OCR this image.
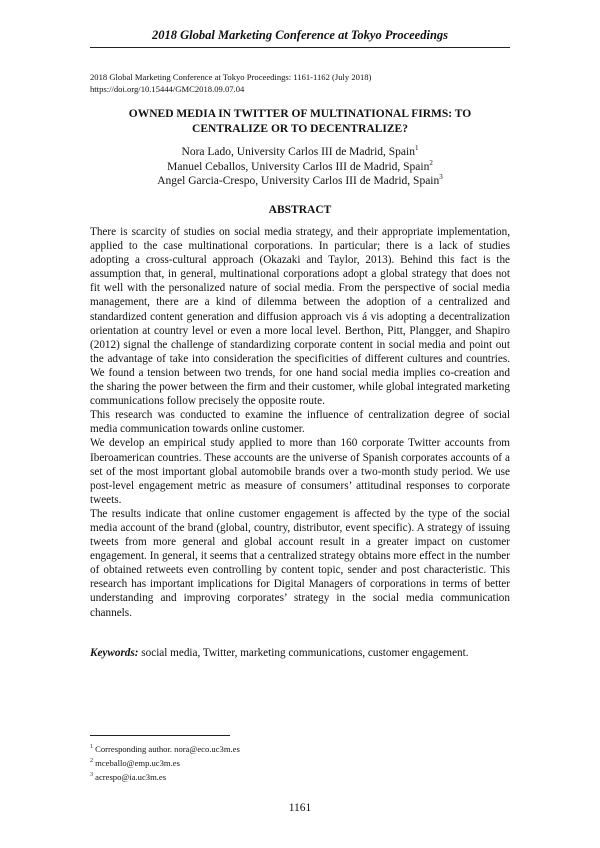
2018 Global Marketing Conference at Tokyo Proceedings
2018 Global Marketing Conference at Tokyo Proceedings: 1161-1162 (July 2018)
https://doi.org/10.15444/GMC2018.09.07.04
OWNED MEDIA IN TWITTER OF MULTINATIONAL FIRMS: TO
CENTRALIZE OR TO DECENTRALIZE?
Nora Lado, University Carlos III de Madrid, Spain$^1$
Manuel Ceballos, University Carlos III de Madrid, Spain$^2$
Angel Garcia-Crespo, University Carlos III de Madrid, Spain$^3$
ABSTRACT

There is scarcity of studies on social media strategy, and their appropriate implementation, applied to the case multinational corporations. In particular; there is a lack of studies adopting a cross-cultural approach (Okazaki and Taylor, 2013). Behind this fact is the assumption that, in general, multinational corporations adopt a global strategy that does not fit well with the personalized nature of social media. From the perspective of social media management, there are a kind of dilemma between the adoption of a centralized and standardized content generation and diffusion approach vis á vis adopting a decentralization orientation at country level or even a more local level. Berthon, Pitt, Plangger, and Shapiro (2012) signal the challenge of standardizing corporate content in social media and point out the advantage of take into consideration the specificities of different cultures and countries. We found a tension between two trends, for one hand social media implies co-creation and the sharing the power between the firm and their customer, while global integrated marketing communications follow precisely the opposite route.

This research was conducted to examine the influence of centralization degree of social media communication towards online customer.

We develop an empirical study applied to more than 160 corporate Twitter accounts from Iberoamerican countries. These accounts are the universe of Spanish corporates accounts of a set of the most important global automobile brands over a two-month study period. We use post-level engagement metric as measure of consumers’ attitudinal responses to corporate tweets.

The results indicate that online customer engagement is affected by the type of the social media account of the brand (global, country, distributor, event specific). A strategy of issuing tweets from more general and global account result in a greater impact on customer engagement. In general, it seems that a centralized strategy obtains more effect in the number of obtained retweets even controlling by content topic, sender and post characteristic. This research has important implications for Digital Managers of corporations in terms of better understanding and improving corporates’ strategy in the social media communication channels.

Keywords: social media, Twitter, marketing communications, customer engagement.
$^1$ Corresponding author. nora@eco.uc3m.es
$^2$ mceballo@emp.uc3m.es
$^3$ acrespo@ia.uc3m.es
1161
